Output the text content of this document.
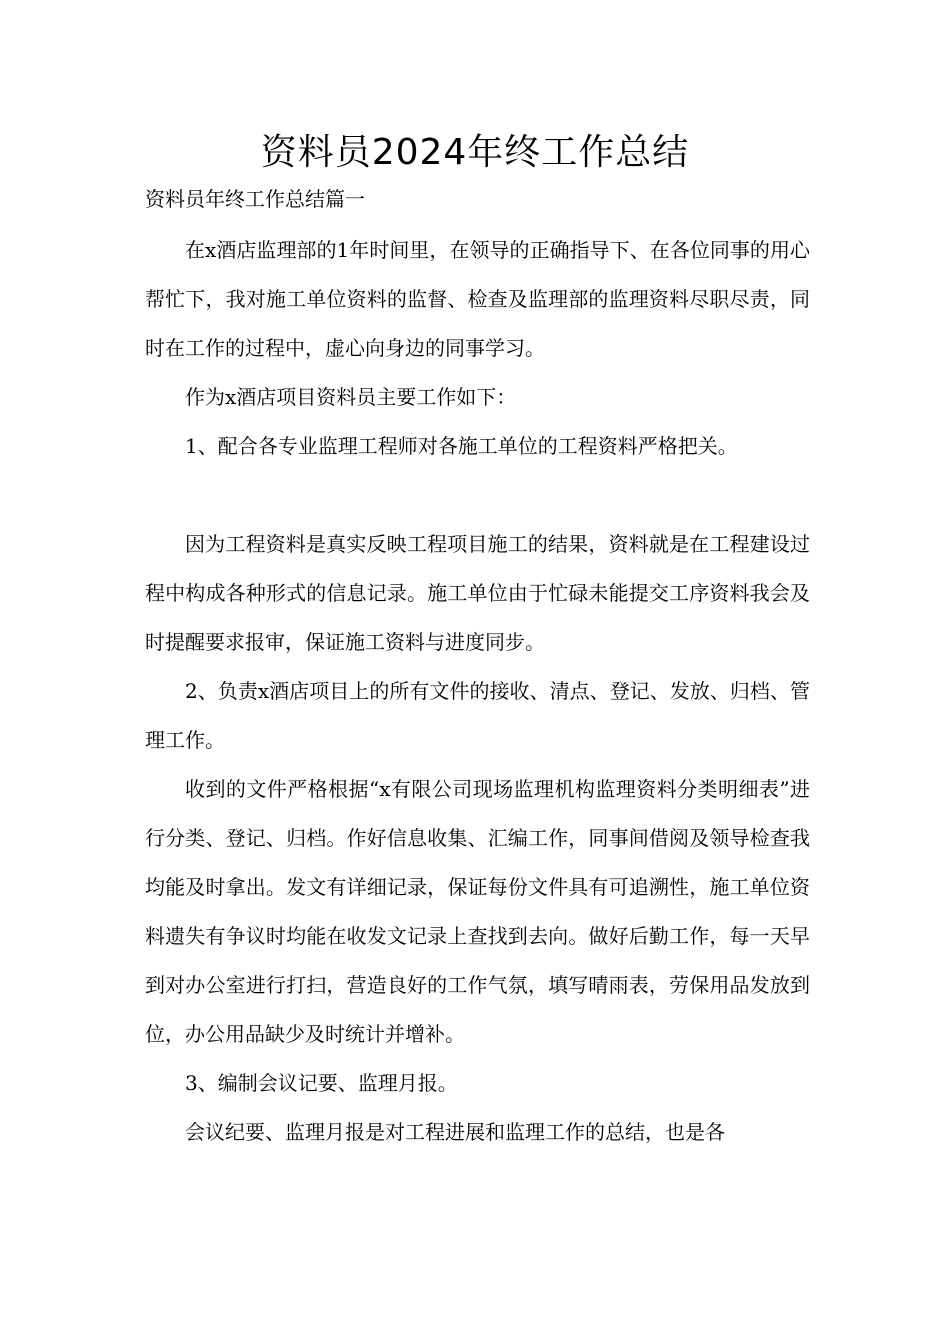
资料员2024年终工作总结

资料员年终工作总结篇一

在x酒店监理部的1年时间里，在领导的正确指导下、在各位同事的用心帮忙下，我对施工单位资料的监督、检查及监理部的监理资料尽职尽责，同时在工作的过程中，虚心向身边的同事学习。

作为x酒店项目资料员主要工作如下：

1、配合各专业监理工程师对各施工单位的工程资料严格把关。

因为工程资料是真实反映工程项目施工的结果，资料就是在工程建设过程中构成各种形式的信息记录。施工单位由于忙碌未能提交工序资料我会及时提醒要求报审，保证施工资料与进度同步。

2、负责x酒店项目上的所有文件的接收、清点、登记、发放、归档、管理工作。

收到的文件严格根据“x有限公司现场监理机构监理资料分类明细表”进行分类、登记、归档。作好信息收集、汇编工作，同事间借阅及领导检查我均能及时拿出。发文有详细记录，保证每份文件具有可追溯性，施工单位资料遗失有争议时均能在收发文记录上查找到去向。做好后勤工作，每一天早到对办公室进行打扫，营造良好的工作气氛，填写晴雨表，劳保用品发放到位，办公用品缺少及时统计并增补。

3、编制会议记要、监理月报。

会议纪要、监理月报是对工程进展和监理工作的总结，也是各
